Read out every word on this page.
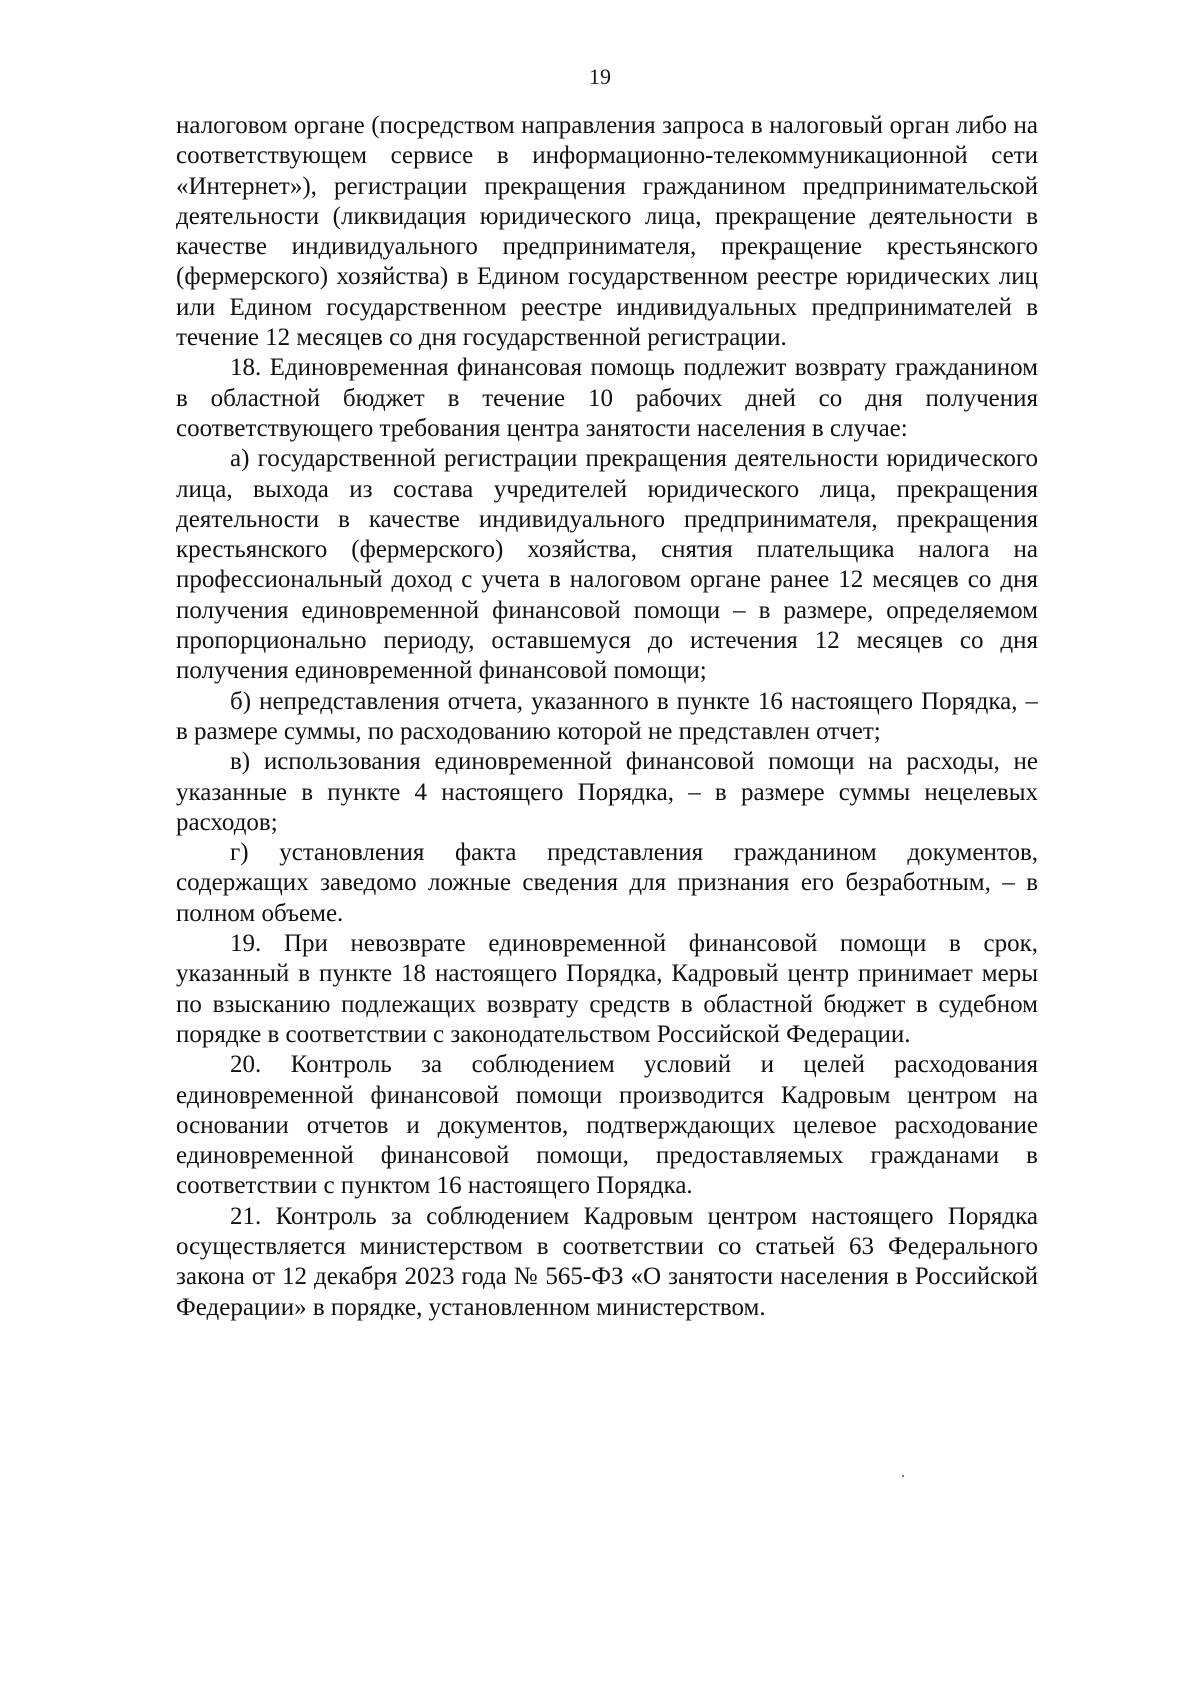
19

налоговом органе (посредством направления запроса в налоговый орган либо на соответствующем сервисе в информационно-телекоммуникационной сети «Интернет»), регистрации прекращения гражданином предпринимательской деятельности (ликвидация юридического лица, прекращение деятельности в качестве индивидуального предпринимателя, прекращение крестьянского (фермерского) хозяйства) в Едином государственном реестре юридических лиц или Едином государственном реестре индивидуальных предпринимателей в течение 12 месяцев со дня государственной регистрации.

18. Единовременная финансовая помощь подлежит возврату гражданином в областной бюджет в течение 10 рабочих дней со дня получения соответствующего требования центра занятости населения в случае:

а) государственной регистрации прекращения деятельности юридического лица, выхода из состава учредителей юридического лица, прекращения деятельности в качестве индивидуального предпринимателя, прекращения крестьянского (фермерского) хозяйства, снятия плательщика налога на профессиональный доход с учета в налоговом органе ранее 12 месяцев со дня получения единовременной финансовой помощи – в размере, определяемом пропорционально периоду, оставшемуся до истечения 12 месяцев со дня получения единовременной финансовой помощи;

б) непредставления отчета, указанного в пункте 16 настоящего Порядка, – в размере суммы, по расходованию которой не представлен отчет;

в) использования единовременной финансовой помощи на расходы, не указанные в пункте 4 настоящего Порядка, – в размере суммы нецелевых расходов;

г) установления факта представления гражданином документов, содержащих заведомо ложные сведения для признания его безработным, – в полном объеме.

19. При невозврате единовременной финансовой помощи в срок, указанный в пункте 18 настоящего Порядка, Кадровый центр принимает меры по взысканию подлежащих возврату средств в областной бюджет в судебном порядке в соответствии с законодательством Российской Федерации.

20. Контроль за соблюдением условий и целей расходования единовременной финансовой помощи производится Кадровым центром на основании отчетов и документов, подтверждающих целевое расходование единовременной финансовой помощи, предоставляемых гражданами в соответствии с пунктом 16 настоящего Порядка.

21. Контроль за соблюдением Кадровым центром настоящего Порядка осуществляется министерством в соответствии со статьей 63 Федерального закона от 12 декабря 2023 года № 565-ФЗ «О занятости населения в Российской Федерации» в порядке, установленном министерством.
